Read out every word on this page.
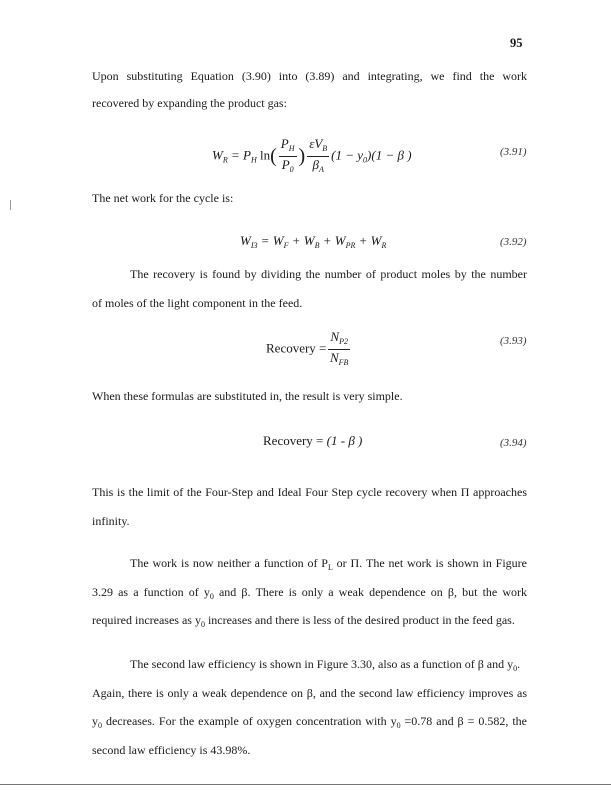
95
Upon substituting Equation (3.90) into (3.89) and integrating, we find the work
recovered by expanding the product gas:
$W_R = P_H$ $\ln( \frac{P_H}{P_0}$ ) $\frac{\varepsilon V_B}{\beta_A} (1 - y_0)(1 - \beta$ )	(3.91)
The net work for the cycle is:
$W_{I3} = W_F + W_B + W_{PR} + W_R$	(3.92)
The recovery is found by dividing the number of product moles by the number
of moles of the light component in the feed.
Recovery = $\frac{N_{P2}}{N_{FB}}$	(3.93)
When these formulas are substituted in, the result is very simple.
Recovery = (1 - β )	(3.94)
This is the limit of the Four-Step and Ideal Four Step cycle recovery when Π approaches
infinity.
The work is now neither a function of $P_L$ or Π. The net work is shown in Figure
3.29 as a function of $y_0$ and β. There is only a weak dependence on β, but the work
required increases as $y_0$ increases and there is less of the desired product in the feed gas.
The second law efficiency is shown in Figure 3.30, also as a function of β and $y_0$.
Again, there is only a weak dependence on β, and the second law efficiency improves as
$y_0$ decreases. For the example of oxygen concentration with $y_0 =0.78$ and β = 0.582, the
second law efficiency is 43.98%.
